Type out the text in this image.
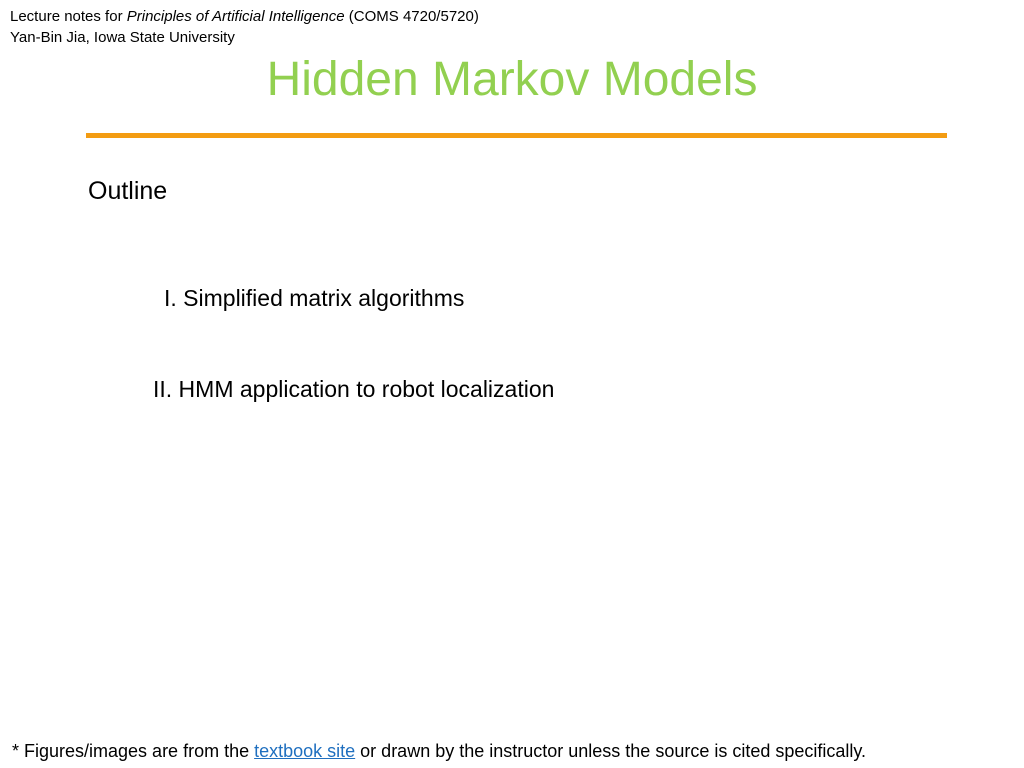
Lecture notes for Principles of Artificial Intelligence (COMS 4720/5720)
Yan-Bin Jia, Iowa State University
Hidden Markov Models
Outline
I. Simplified matrix algorithms
II. HMM application to robot localization
* Figures/images are from the textbook site or drawn by the instructor unless the source is cited specifically.
